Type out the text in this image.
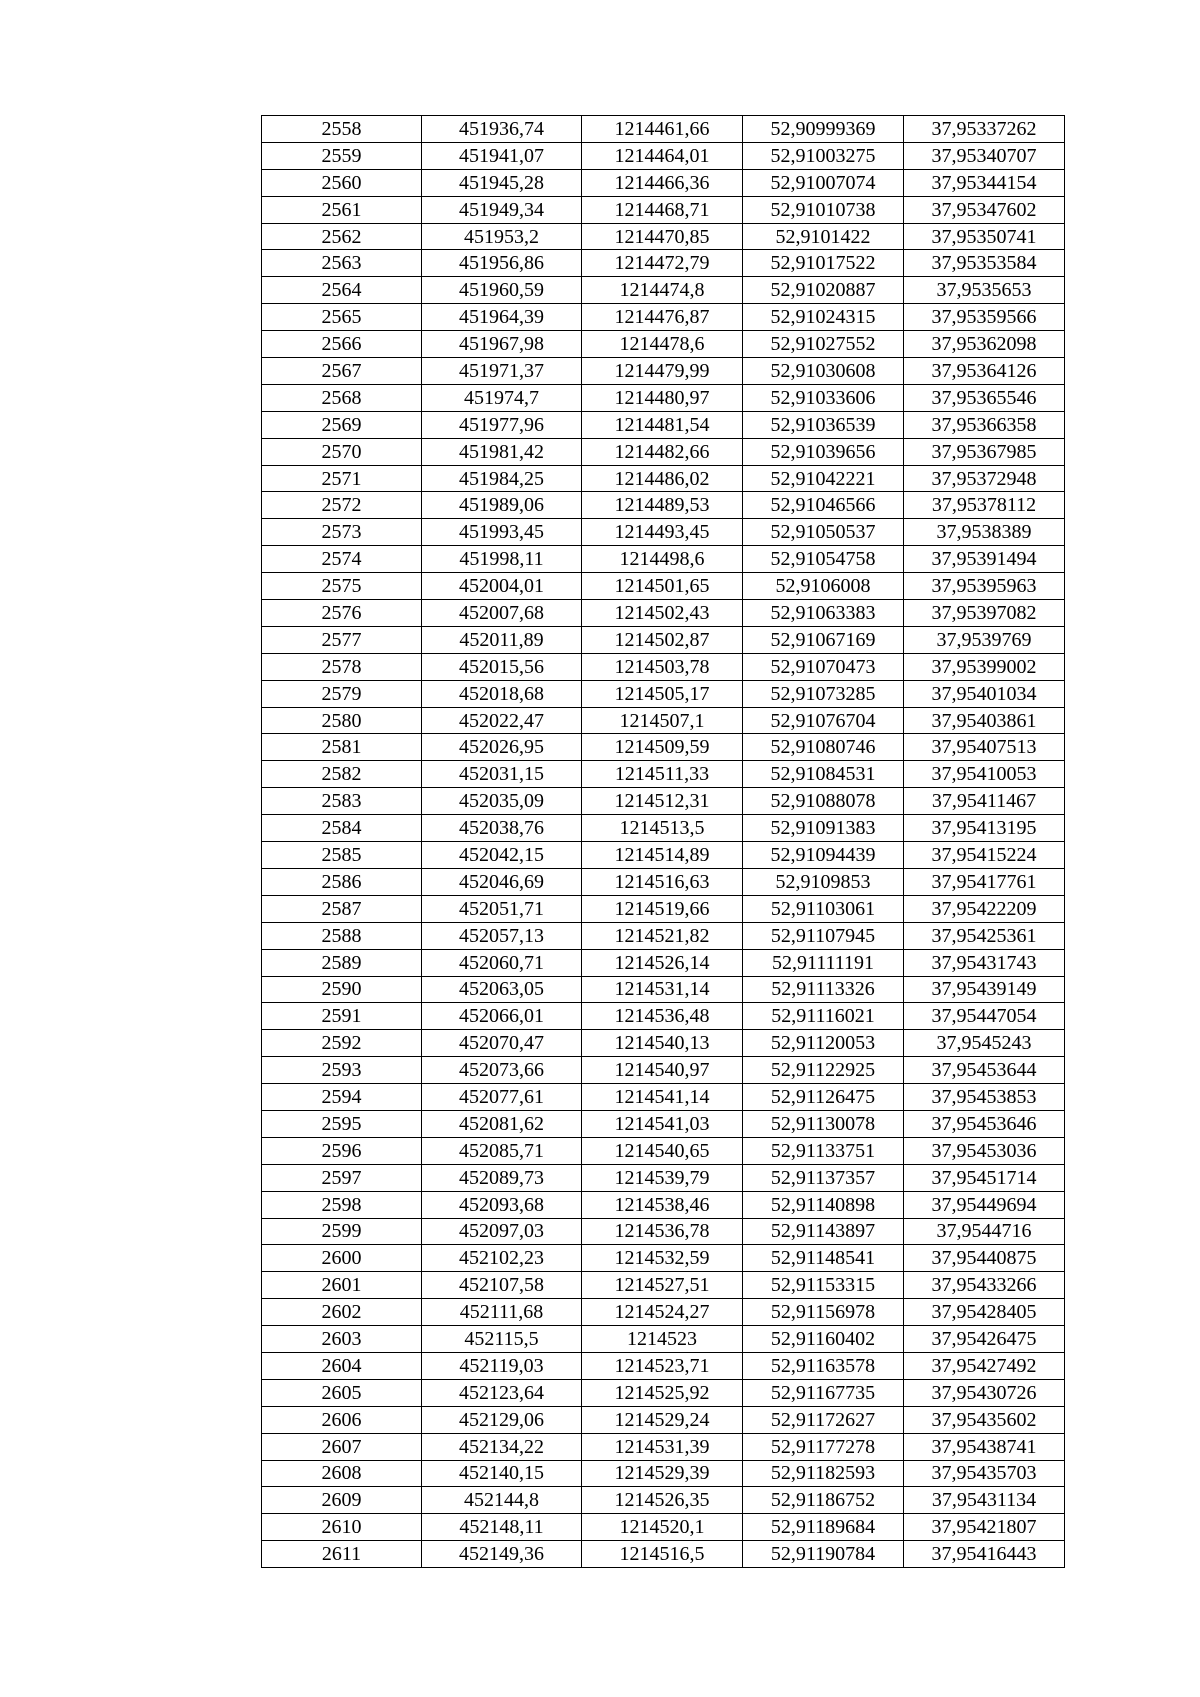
2558	451936,74	1214461,66	52,90999369	37,95337262
2559	451941,07	1214464,01	52,91003275	37,95340707
2560	451945,28	1214466,36	52,91007074	37,95344154
2561	451949,34	1214468,71	52,91010738	37,95347602
2562	451953,2	1214470,85	52,9101422	37,95350741
2563	451956,86	1214472,79	52,91017522	37,95353584
2564	451960,59	1214474,8	52,91020887	37,9535653
2565	451964,39	1214476,87	52,91024315	37,95359566
2566	451967,98	1214478,6	52,91027552	37,95362098
2567	451971,37	1214479,99	52,91030608	37,95364126
2568	451974,7	1214480,97	52,91033606	37,95365546
2569	451977,96	1214481,54	52,91036539	37,95366358
2570	451981,42	1214482,66	52,91039656	37,95367985
2571	451984,25	1214486,02	52,91042221	37,95372948
2572	451989,06	1214489,53	52,91046566	37,95378112
2573	451993,45	1214493,45	52,91050537	37,9538389
2574	451998,11	1214498,6	52,91054758	37,95391494
2575	452004,01	1214501,65	52,9106008	37,95395963
2576	452007,68	1214502,43	52,91063383	37,95397082
2577	452011,89	1214502,87	52,91067169	37,9539769
2578	452015,56	1214503,78	52,91070473	37,95399002
2579	452018,68	1214505,17	52,91073285	37,95401034
2580	452022,47	1214507,1	52,91076704	37,95403861
2581	452026,95	1214509,59	52,91080746	37,95407513
2582	452031,15	1214511,33	52,91084531	37,95410053
2583	452035,09	1214512,31	52,91088078	37,95411467
2584	452038,76	1214513,5	52,91091383	37,95413195
2585	452042,15	1214514,89	52,91094439	37,95415224
2586	452046,69	1214516,63	52,9109853	37,95417761
2587	452051,71	1214519,66	52,91103061	37,95422209
2588	452057,13	1214521,82	52,91107945	37,95425361
2589	452060,71	1214526,14	52,91111191	37,95431743
2590	452063,05	1214531,14	52,91113326	37,95439149
2591	452066,01	1214536,48	52,91116021	37,95447054
2592	452070,47	1214540,13	52,91120053	37,9545243
2593	452073,66	1214540,97	52,91122925	37,95453644
2594	452077,61	1214541,14	52,91126475	37,95453853
2595	452081,62	1214541,03	52,91130078	37,95453646
2596	452085,71	1214540,65	52,91133751	37,95453036
2597	452089,73	1214539,79	52,91137357	37,95451714
2598	452093,68	1214538,46	52,91140898	37,95449694
2599	452097,03	1214536,78	52,91143897	37,9544716
2600	452102,23	1214532,59	52,91148541	37,95440875
2601	452107,58	1214527,51	52,91153315	37,95433266
2602	452111,68	1214524,27	52,91156978	37,95428405
2603	452115,5	1214523	52,91160402	37,95426475
2604	452119,03	1214523,71	52,91163578	37,95427492
2605	452123,64	1214525,92	52,91167735	37,95430726
2606	452129,06	1214529,24	52,91172627	37,95435602
2607	452134,22	1214531,39	52,91177278	37,95438741
2608	452140,15	1214529,39	52,91182593	37,95435703
2609	452144,8	1214526,35	52,91186752	37,95431134
2610	452148,11	1214520,1	52,91189684	37,95421807
2611	452149,36	1214516,5	52,91190784	37,95416443
